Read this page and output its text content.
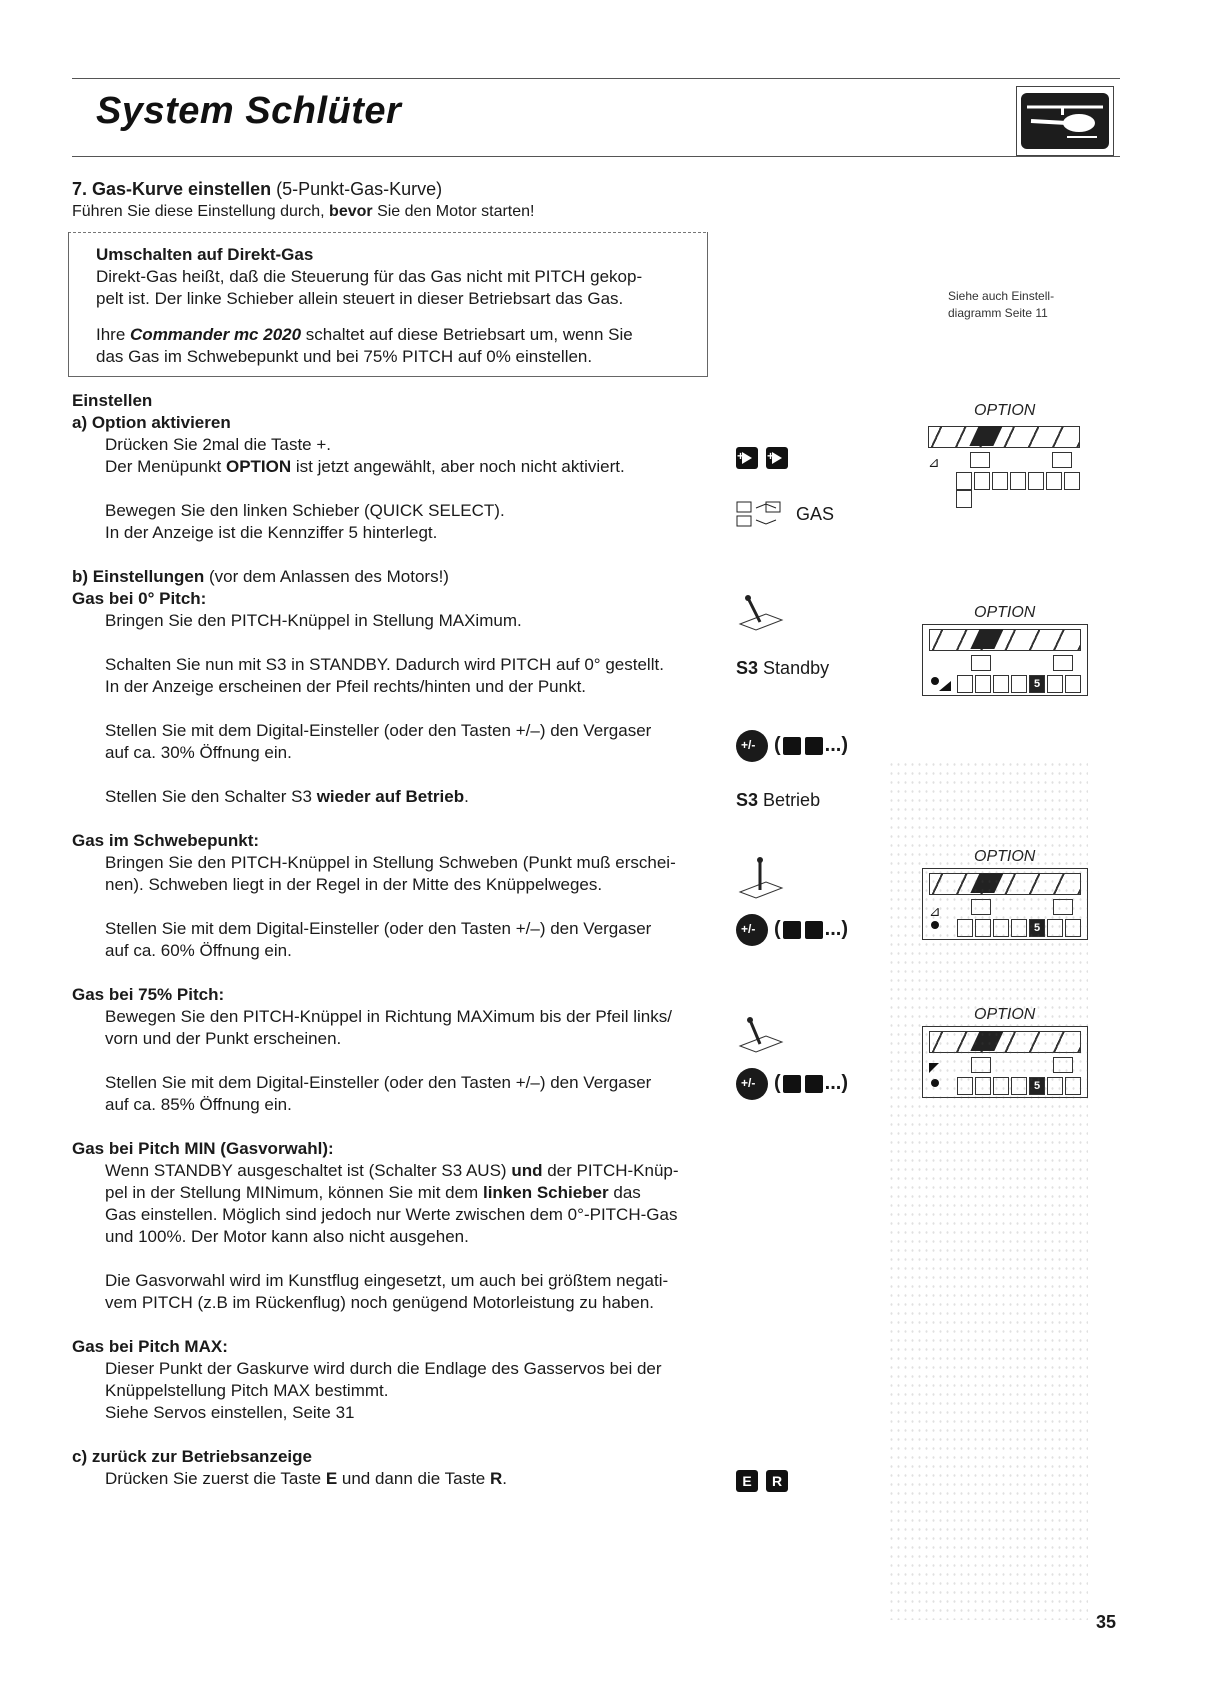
System Schlüter
7. Gas-Kurve einstellen (5-Punkt-Gas-Kurve)
Führen Sie diese Einstellung durch, bevor Sie den Motor starten!
Umschalten auf Direkt-Gas
Direkt-Gas heißt, daß die Steuerung für das Gas nicht mit PITCH gekop-
pelt ist. Der linke Schieber allein steuert in dieser Betriebsart das Gas.
Ihre Commander mc 2020 schaltet auf diese Betriebsart um, wenn Sie
das Gas im Schwebepunkt und bei 75% PITCH auf 0% einstellen.
Siehe auch Einstell-
diagramm Seite 11
Einstellen
a) Option aktivieren
Drücken Sie 2mal die Taste +.
Der Menüpunkt OPTION ist jetzt angewählt, aber noch nicht aktiviert.
Bewegen Sie den linken Schieber (QUICK SELECT).
In der Anzeige ist die Kennziffer 5 hinterlegt.
b) Einstellungen (vor dem Anlassen des Motors!)
Gas bei 0° Pitch:
Bringen Sie den PITCH-Knüppel in Stellung MAXimum.
Schalten Sie nun mit S3 in STANDBY. Dadurch wird PITCH auf 0° gestellt.
In der Anzeige erscheinen der Pfeil rechts/hinten und der Punkt.
Stellen Sie mit dem Digital-Einsteller (oder den Tasten +/–) den Vergaser
auf ca. 30% Öffnung ein.
Stellen Sie den Schalter S3 wieder auf Betrieb.
Gas im Schwebepunkt:
Bringen Sie den PITCH-Knüppel in Stellung Schweben (Punkt muß erschei-
nen). Schweben liegt in der Regel in der Mitte des Knüppelweges.
Stellen Sie mit dem Digital-Einsteller (oder den Tasten +/–) den Vergaser
auf ca. 60% Öffnung ein.
Gas bei 75% Pitch:
Bewegen Sie den PITCH-Knüppel in Richtung MAXimum bis der Pfeil links/
vorn und der Punkt erscheinen.
Stellen Sie mit dem Digital-Einsteller (oder den Tasten +/–) den Vergaser
auf ca. 85% Öffnung ein.
Gas bei Pitch MIN (Gasvorwahl):
Wenn STANDBY ausgeschaltet ist (Schalter S3 AUS) und der PITCH-Knüp-
pel in der Stellung MINimum, können Sie mit dem linken Schieber das
Gas einstellen. Möglich sind jedoch nur Werte zwischen dem 0°-PITCH-Gas
und 100%. Der Motor kann also nicht ausgehen.
Die Gasvorwahl wird im Kunstflug eingesetzt, um auch bei größtem negati-
vem PITCH (z.B im Rückenflug) noch genügend Motorleistung zu haben.
Gas bei Pitch MAX:
Dieser Punkt der Gaskurve wird durch die Endlage des Gasservos bei der
Knüppelstellung Pitch MAX bestimmt.
Siehe Servos einstellen, Seite 31
c) zurück zur Betriebsanzeige
Drücken Sie zuerst die Taste E und dann die Taste R.
+
+
GAS
S3 Standby
+/- ( ...)
S3 Betrieb
+/- ( ...)
+/- ( ...)
E	R
OPTION
⊿
OPTION
5
OPTION
⊿
5
OPTION
5
35
